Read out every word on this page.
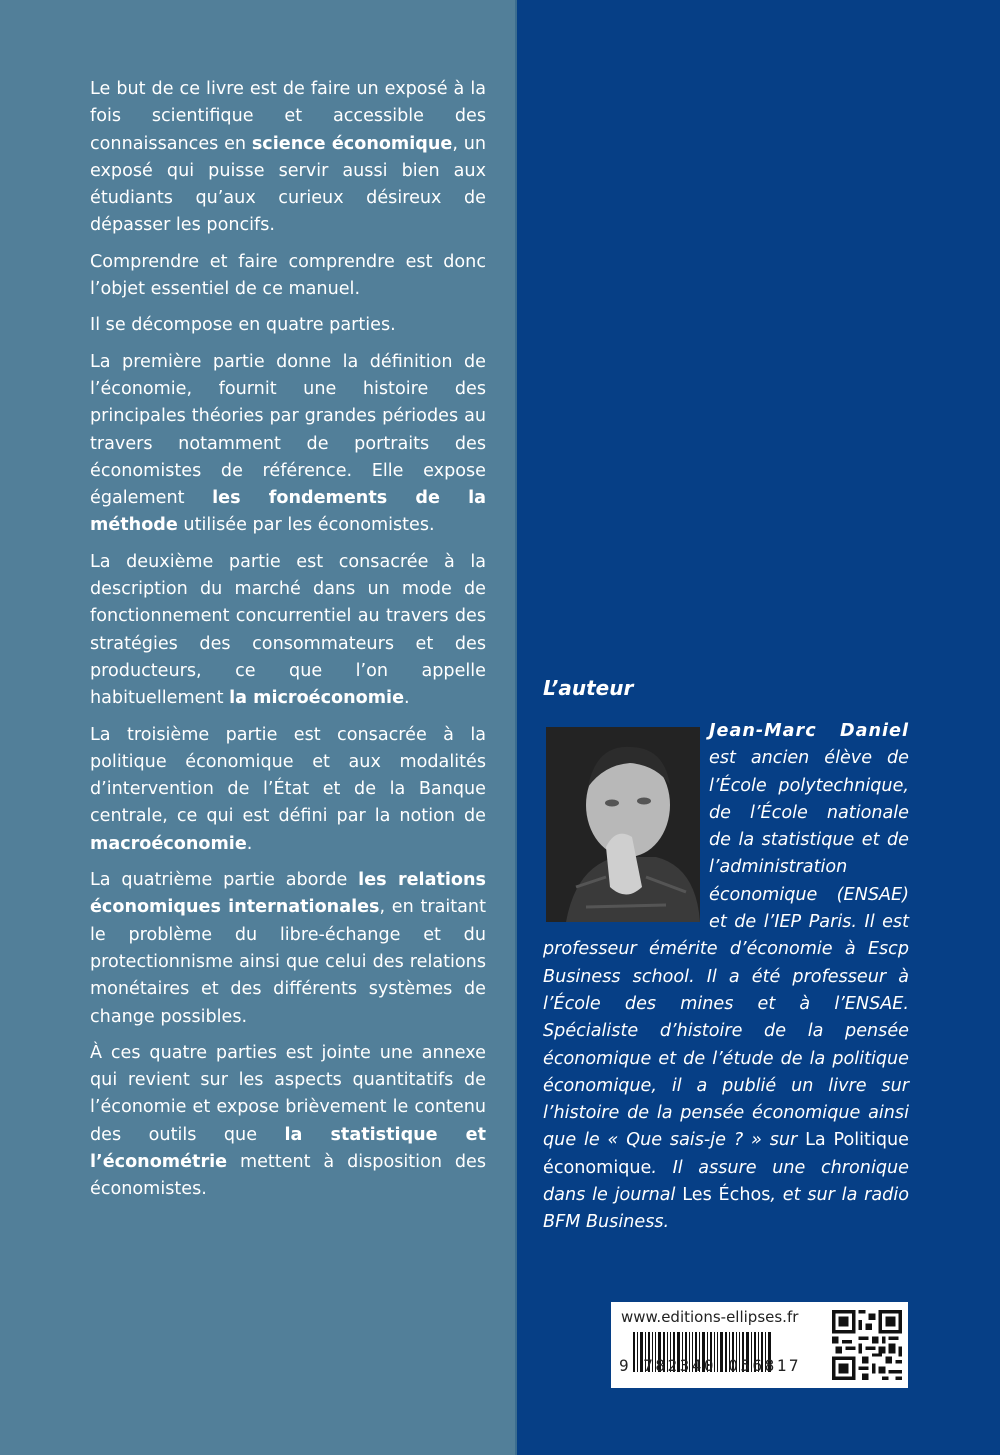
Le but de ce livre est de faire un exposé à la fois scientifique et accessible des connaissances en science économique, un exposé qui puisse servir aussi bien aux étudiants qu’aux curieux désireux de dépasser les poncifs.

Comprendre et faire comprendre est donc l’objet essentiel de ce manuel.

Il se décompose en quatre parties.

La première partie donne la définition de l’économie, fournit une histoire des principales théories par grandes périodes au travers notamment de portraits des économistes de référence. Elle expose également les fondements de la méthode utilisée par les économistes.

La deuxième partie est consacrée à la description du marché dans un mode de fonctionnement concurrentiel au travers des stratégies des consommateurs et des producteurs, ce que l’on appelle habituellement la microéconomie.

La troisième partie est consacrée à la politique économique et aux modalités d’intervention de l’État et de la Banque centrale, ce qui est défini par la notion de macroéconomie.

La quatrième partie aborde les relations économiques internationales, en traitant le problème du libre-échange et du protectionnisme ainsi que celui des relations monétaires et des différents systèmes de change possibles.

À ces quatre parties est jointe une annexe qui revient sur les aspects quantitatifs de l’économie et expose brièvement le contenu des outils que la statistique et l’économétrie mettent à disposition des économistes.

L’auteur
Jean-Marc Daniel est ancien élève de l’École polytechnique, de l’École nationale de la statistique et de l’administration économique (ENSAE) et de l’IEP Paris. Il est professeur émérite d’économie à Escp Business school. Il a été professeur à l’École des mines et à l’ENSAE. Spécialiste d’histoire de la pensée économique et de l’étude de la politique économique, il a publié un livre sur l’histoire de la pensée économique ainsi que le « Que sais-je ? » sur La Politique économique. Il assure une chronique dans le journal Les Échos, et sur la radio BFM Business.
www.editions-ellipses.fr
9 782340 056817
